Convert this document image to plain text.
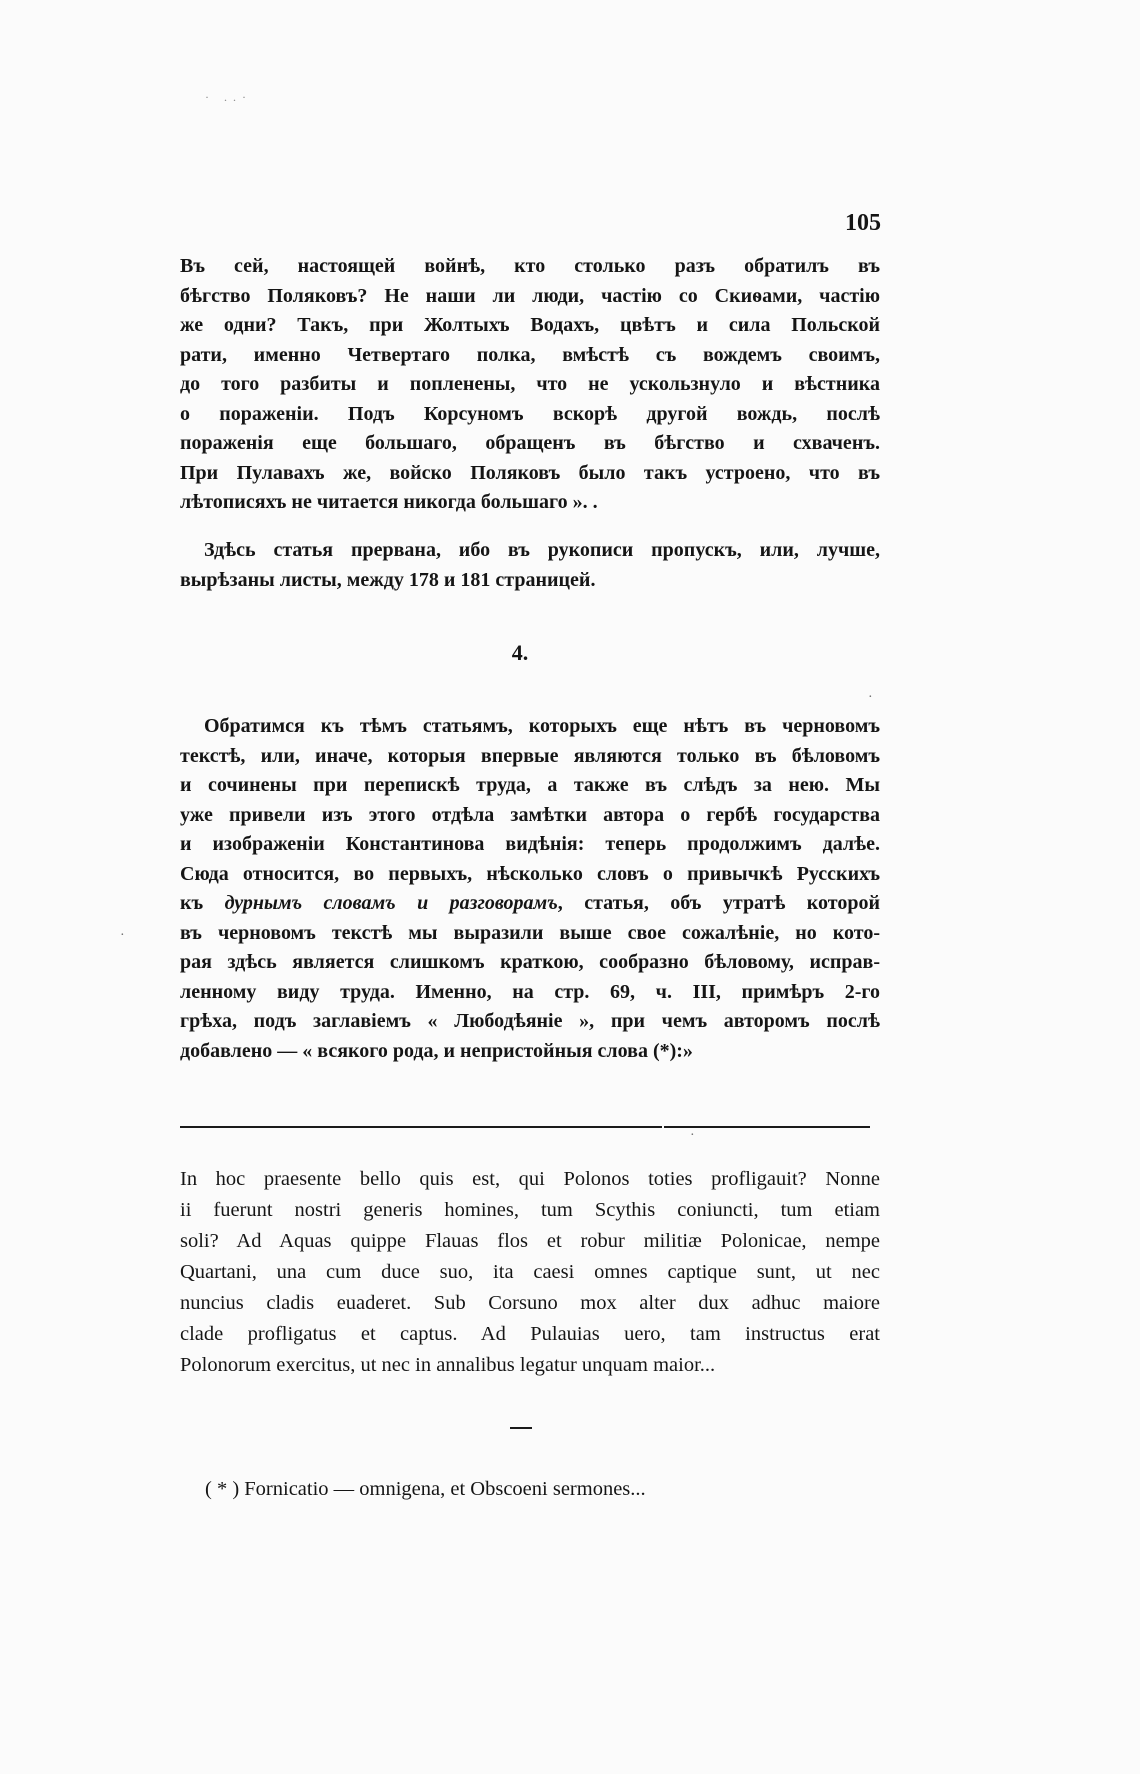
· ..·
105
Въ сей, настоящей войнѣ, кто столько разъ обратилъ въ
бѣгство Поляковъ? Не наши ли люди, частію со Скиѳами, частію
же одни? Такъ, при Жолтыхъ Водахъ, цвѣтъ и сила Польской
рати, именно Четвертаго полка, вмѣстѣ съ вождемъ своимъ,
до того разбиты и попленены, что не ускользнуло и вѣстника
о пораженіи. Подъ Корсуномъ вскорѣ другой вождь, послѣ
пораженія еще большаго, обращенъ въ бѣгство и схваченъ.
При Пулавахъ же, войско Поляковъ было такъ устроено, что въ
лѣтописяхъ не читается никогда большаго ». .
Здѣсь статья прервана, ибо въ рукописи пропускъ, или, лучше,
вырѣзаны листы, между 178 и 181 страницей.
4.
Обратимся къ тѣмъ статьямъ, которыхъ еще нѣтъ въ черновомъ
текстѣ, или, иначе, которыя впервые являются только въ бѣловомъ
и сочинены при перепискѣ труда, а также въ слѣдъ за нею. Мы
уже привели изъ этого отдѣла замѣтки автора о гербѣ государства
и изображеніи Константинова видѣнія: теперь продолжимъ далѣе.
Сюда относится, во первыхъ, нѣсколько словъ о привычкѣ Русскихъ
къ дурнымъ словамъ и разговорамъ, статья, объ утратѣ которой
въ черновомъ текстѣ мы выразили выше свое сожалѣніе, но кото-
рая здѣсь является слишкомъ краткою, сообразно бѣловому, исправ-
ленному виду труда. Именно, на стр. 69, ч. III, примѣръ 2-го
грѣха, подъ заглавіемъ « Любодѣяніе », при чемъ авторомъ послѣ
добавлено — « всякого рода, и непристойныя слова (*):»
In hoc praesente bello quis est, qui Polonos toties profligauit? Nonne
ii fuerunt nostri generis homines, tum Scythis coniuncti, tum etiam
soli? Ad Aquas quippe Flauas flos et robur militiæ Polonicae, nempe
Quartani, una cum duce suo, ita caesi omnes captique sunt, ut nec
nuncius cladis euaderet. Sub Corsuno mox alter dux adhuc maiore
clade profligatus et captus. Ad Pulauias uero, tam instructus erat
Polonorum exercitus, ut nec in annalibus legatur unquam maior...
( * ) Fornicatio — omnigena, et Obscoeni sermones...
·
·
·
